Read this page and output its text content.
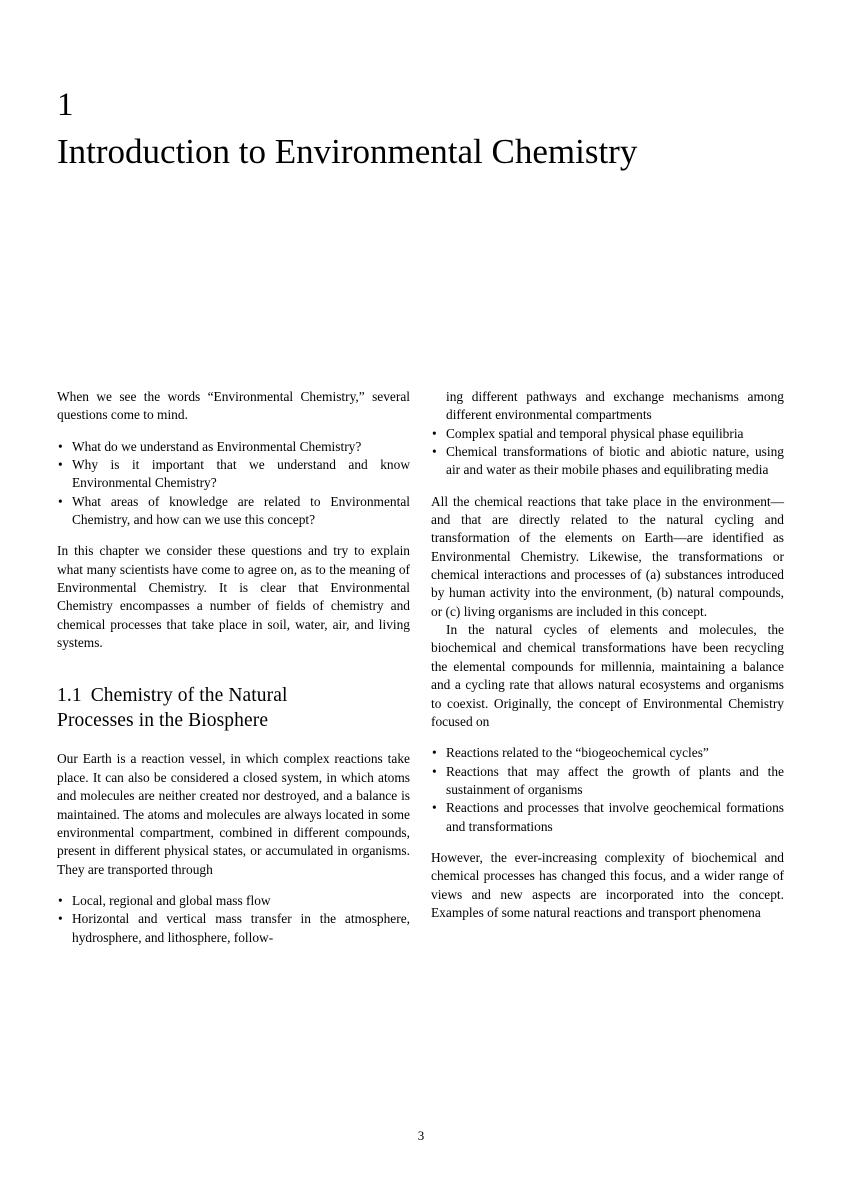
1
Introduction to Environmental Chemistry

When we see the words “Environmental Chemistry,” several questions come to mind.

• What do we understand as Environmental Chemistry?
• Why is it important that we understand and know Environmental Chemistry?
• What areas of knowledge are related to Environmental Chemistry, and how can we use this concept?

In this chapter we consider these questions and try to explain what many scientists have come to agree on, as to the meaning of Environmental Chemistry. It is clear that Environmental Chemistry encompasses a number of fields of chemistry and chemical processes that take place in soil, water, air, and living systems.

1.1 Chemistry of the Natural
Processes in the Biosphere

Our Earth is a reaction vessel, in which complex reactions take place. It can also be considered a closed system, in which atoms and molecules are neither created nor destroyed, and a balance is maintained. The atoms and molecules are always located in some environmental compartment, combined in different compounds, present in different physical states, or accumulated in organisms. They are transported through

• Local, regional and global mass flow
• Horizontal and vertical mass transfer in the atmosphere, hydrosphere, and lithosphere, follow-
ing different pathways and exchange mechanisms among different environmental compartments
• Complex spatial and temporal physical phase equilibria
• Chemical transformations of biotic and abiotic nature, using air and water as their mobile phases and equilibrating media

All the chemical reactions that take place in the environment—and that are directly related to the natural cycling and transformation of the elements on Earth—are identified as Environmental Chemistry. Likewise, the transformations or chemical interactions and processes of (a) substances introduced by human activity into the environment, (b) natural compounds, or (c) living organisms are included in this concept.

In the natural cycles of elements and molecules, the biochemical and chemical transformations have been recycling the elemental compounds for millennia, maintaining a balance and a cycling rate that allows natural ecosystems and organisms to coexist. Originally, the concept of Environmental Chemistry focused on

• Reactions related to the “biogeochemical cycles”
• Reactions that may affect the growth of plants and the sustainment of organisms
• Reactions and processes that involve geochemical formations and transformations

However, the ever-increasing complexity of biochemical and chemical processes has changed this focus, and a wider range of views and new aspects are incorporated into the concept. Examples of some natural reactions and transport phenomena

3
